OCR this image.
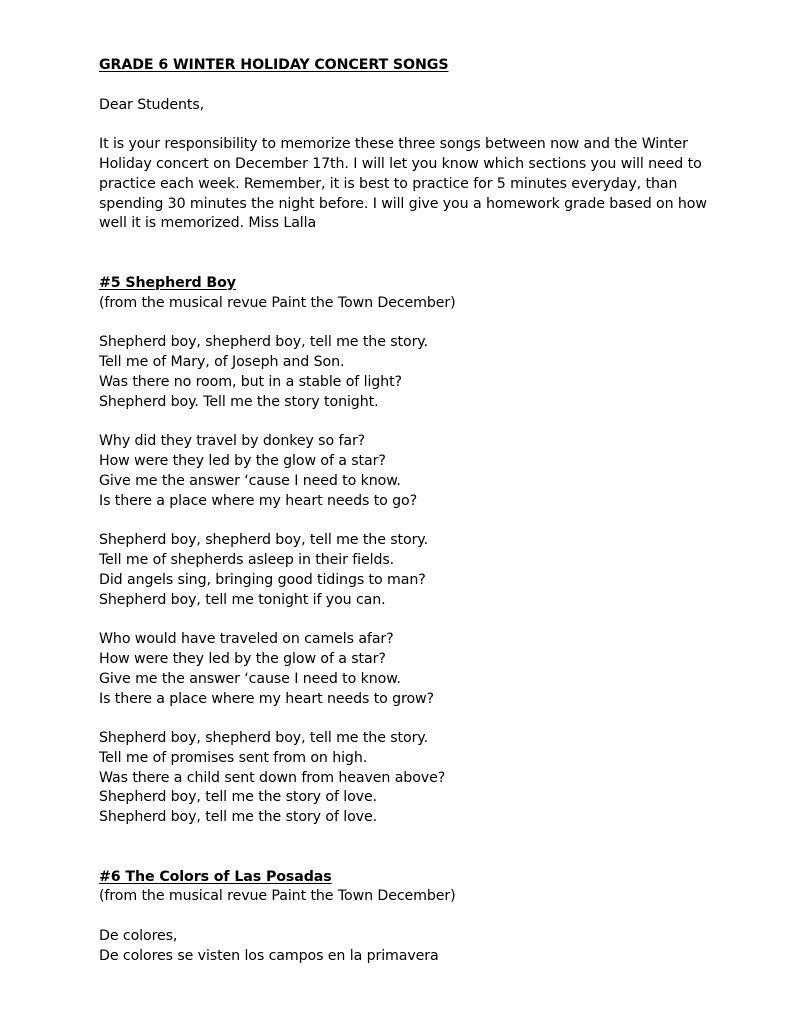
GRADE 6 WINTER HOLIDAY CONCERT SONGS
Dear Students,
It is your responsibility to memorize these three songs between now and the Winter
Holiday concert on December 17th. I will let you know which sections you will need to
practice each week. Remember, it is best to practice for 5 minutes everyday, than
spending 30 minutes the night before. I will give you a homework grade based on how
well it is memorized. Miss Lalla
#5 Shepherd Boy
(from the musical revue Paint the Town December)
Shepherd boy, shepherd boy, tell me the story.
Tell me of Mary, of Joseph and Son.
Was there no room, but in a stable of light?
Shepherd boy. Tell me the story tonight.
Why did they travel by donkey so far?
How were they led by the glow of a star?
Give me the answer ‘cause I need to know.
Is there a place where my heart needs to go?
Shepherd boy, shepherd boy, tell me the story.
Tell me of shepherds asleep in their fields.
Did angels sing, bringing good tidings to man?
Shepherd boy, tell me tonight if you can.
Who would have traveled on camels afar?
How were they led by the glow of a star?
Give me the answer ‘cause I need to know.
Is there a place where my heart needs to grow?
Shepherd boy, shepherd boy, tell me the story.
Tell me of promises sent from on high.
Was there a child sent down from heaven above?
Shepherd boy, tell me the story of love.
Shepherd boy, tell me the story of love.
#6 The Colors of Las Posadas
(from the musical revue Paint the Town December)
De colores,
De colores se visten los campos en la primavera
